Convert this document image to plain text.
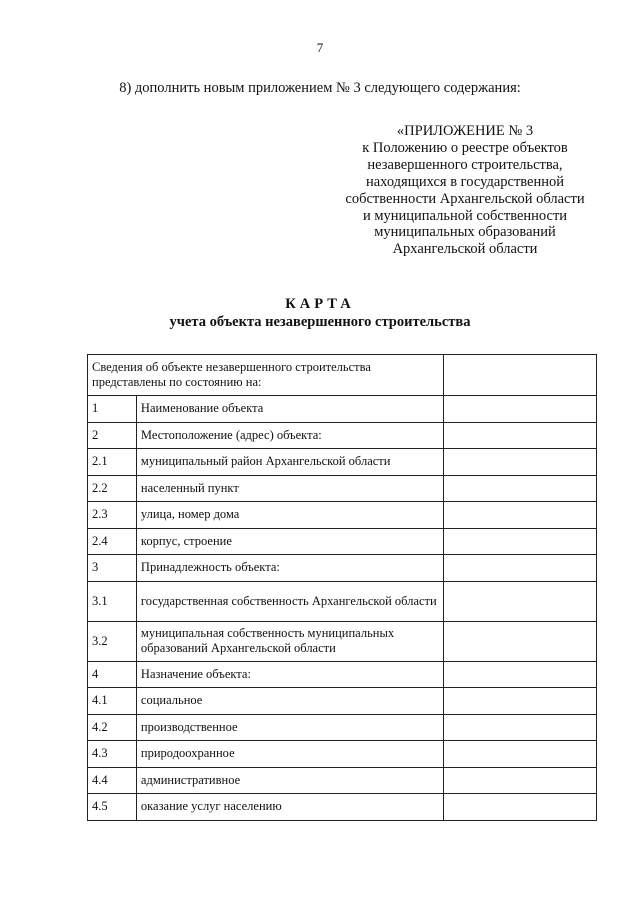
7
8) дополнить новым приложением № 3 следующего содержания:
«ПРИЛОЖЕНИЕ № 3
к Положению о реестре объектов
незавершенного строительства,
находящихся в государственной
собственности Архангельской области
и муниципальной собственности
муниципальных образований
Архангельской области
КАРТА
учета объекта незавершенного строительства
Сведения об объекте незавершенного строительства представлены по состоянию на:		
1	Наименование объекта	
2	Местоположение (адрес) объекта:	
2.1	муниципальный район Архангельской области	
2.2	населенный пункт	
2.3	улица, номер дома	
2.4	корпус, строение	
3	Принадлежность объекта:	
3.1	государственная собственность Архангельской области	
3.2	муниципальная собственность муниципальных образований Архангельской области	
4	Назначение объекта:	
4.1	социальное	
4.2	производственное	
4.3	природоохранное	
4.4	административное	
4.5	оказание услуг населению	
